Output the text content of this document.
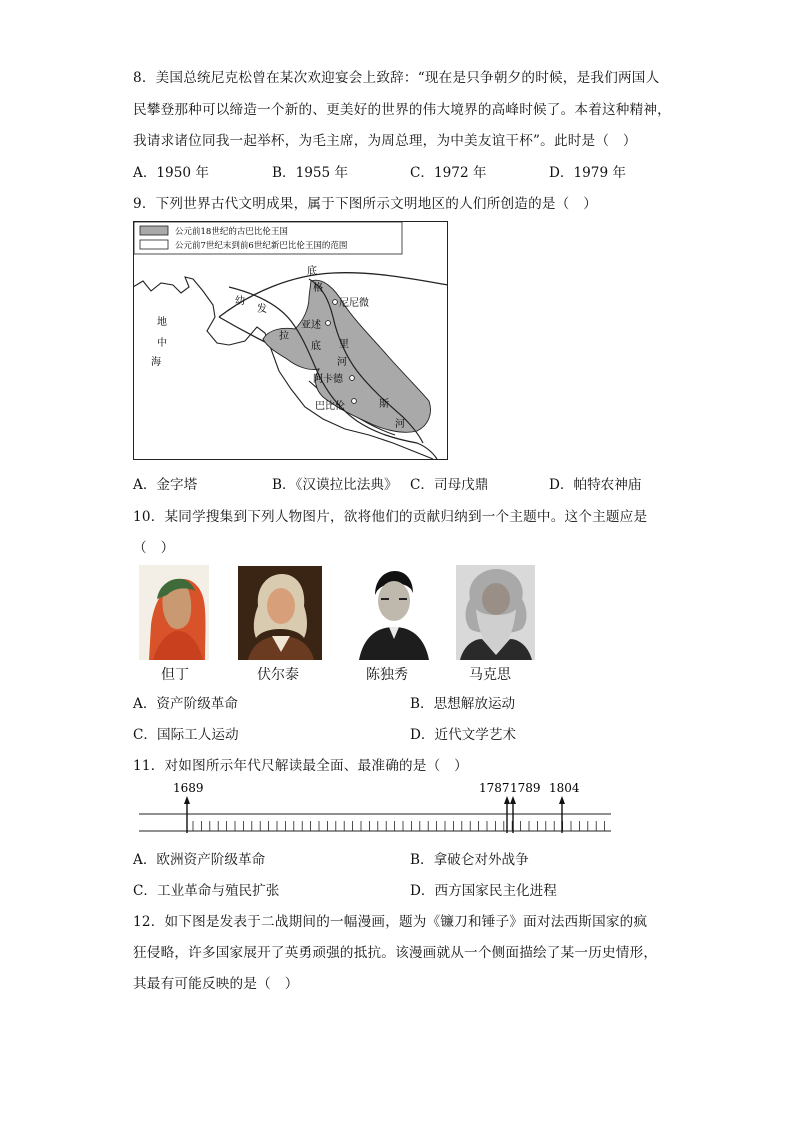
8．美国总统尼克松曾在某次欢迎宴会上致辞：“现在是只争朝夕的时候，是我们两国人
民攀登那种可以缔造一个新的、更美好的世界的伟大境界的高峰时候了。本着这种精神，
我请求诸位同我一起举杯，为毛主席，为周总理，为中美友谊干杯”。此时是（　）
A．1950 年	B．1955 年	C．1972 年	D．1979 年
9．下列世界古代文明成果，属于下图所示文明地区的人们所创造的是（　）
公元前18世纪的古巴比伦王国
公元前7世纪末到前6世纪新巴比伦王国的范围
地
中
海
幼
发
拉
底
底
格
里
河
斯
河
尼尼微
亚述
阿卡德
巴比伦
A．金字塔	B．《汉谟拉比法典》 C．司母戊鼎	D．帕特农神庙
10．某同学搜集到下列人物图片，欲将他们的贡献归纳到一个主题中。这个主题应是
（　）
但丁	伏尔泰	陈独秀	马克思
A．资产阶级革命	B．思想解放运动
C．国际工人运动	D．近代文学艺术
11．对如图所示年代尺解读最全面、最准确的是（　）
1689	1787 1789 1804
A．欧洲资产阶级革命	B．拿破仑对外战争
C．工业革命与殖民扩张	D．西方国家民主化进程
12．如下图是发表于二战期间的一幅漫画，题为《镰刀和锤子》面对法西斯国家的疯
狂侵略，许多国家展开了英勇顽强的抵抗。该漫画就从一个侧面描绘了某一历史情形，
其最有可能反映的是（　）
